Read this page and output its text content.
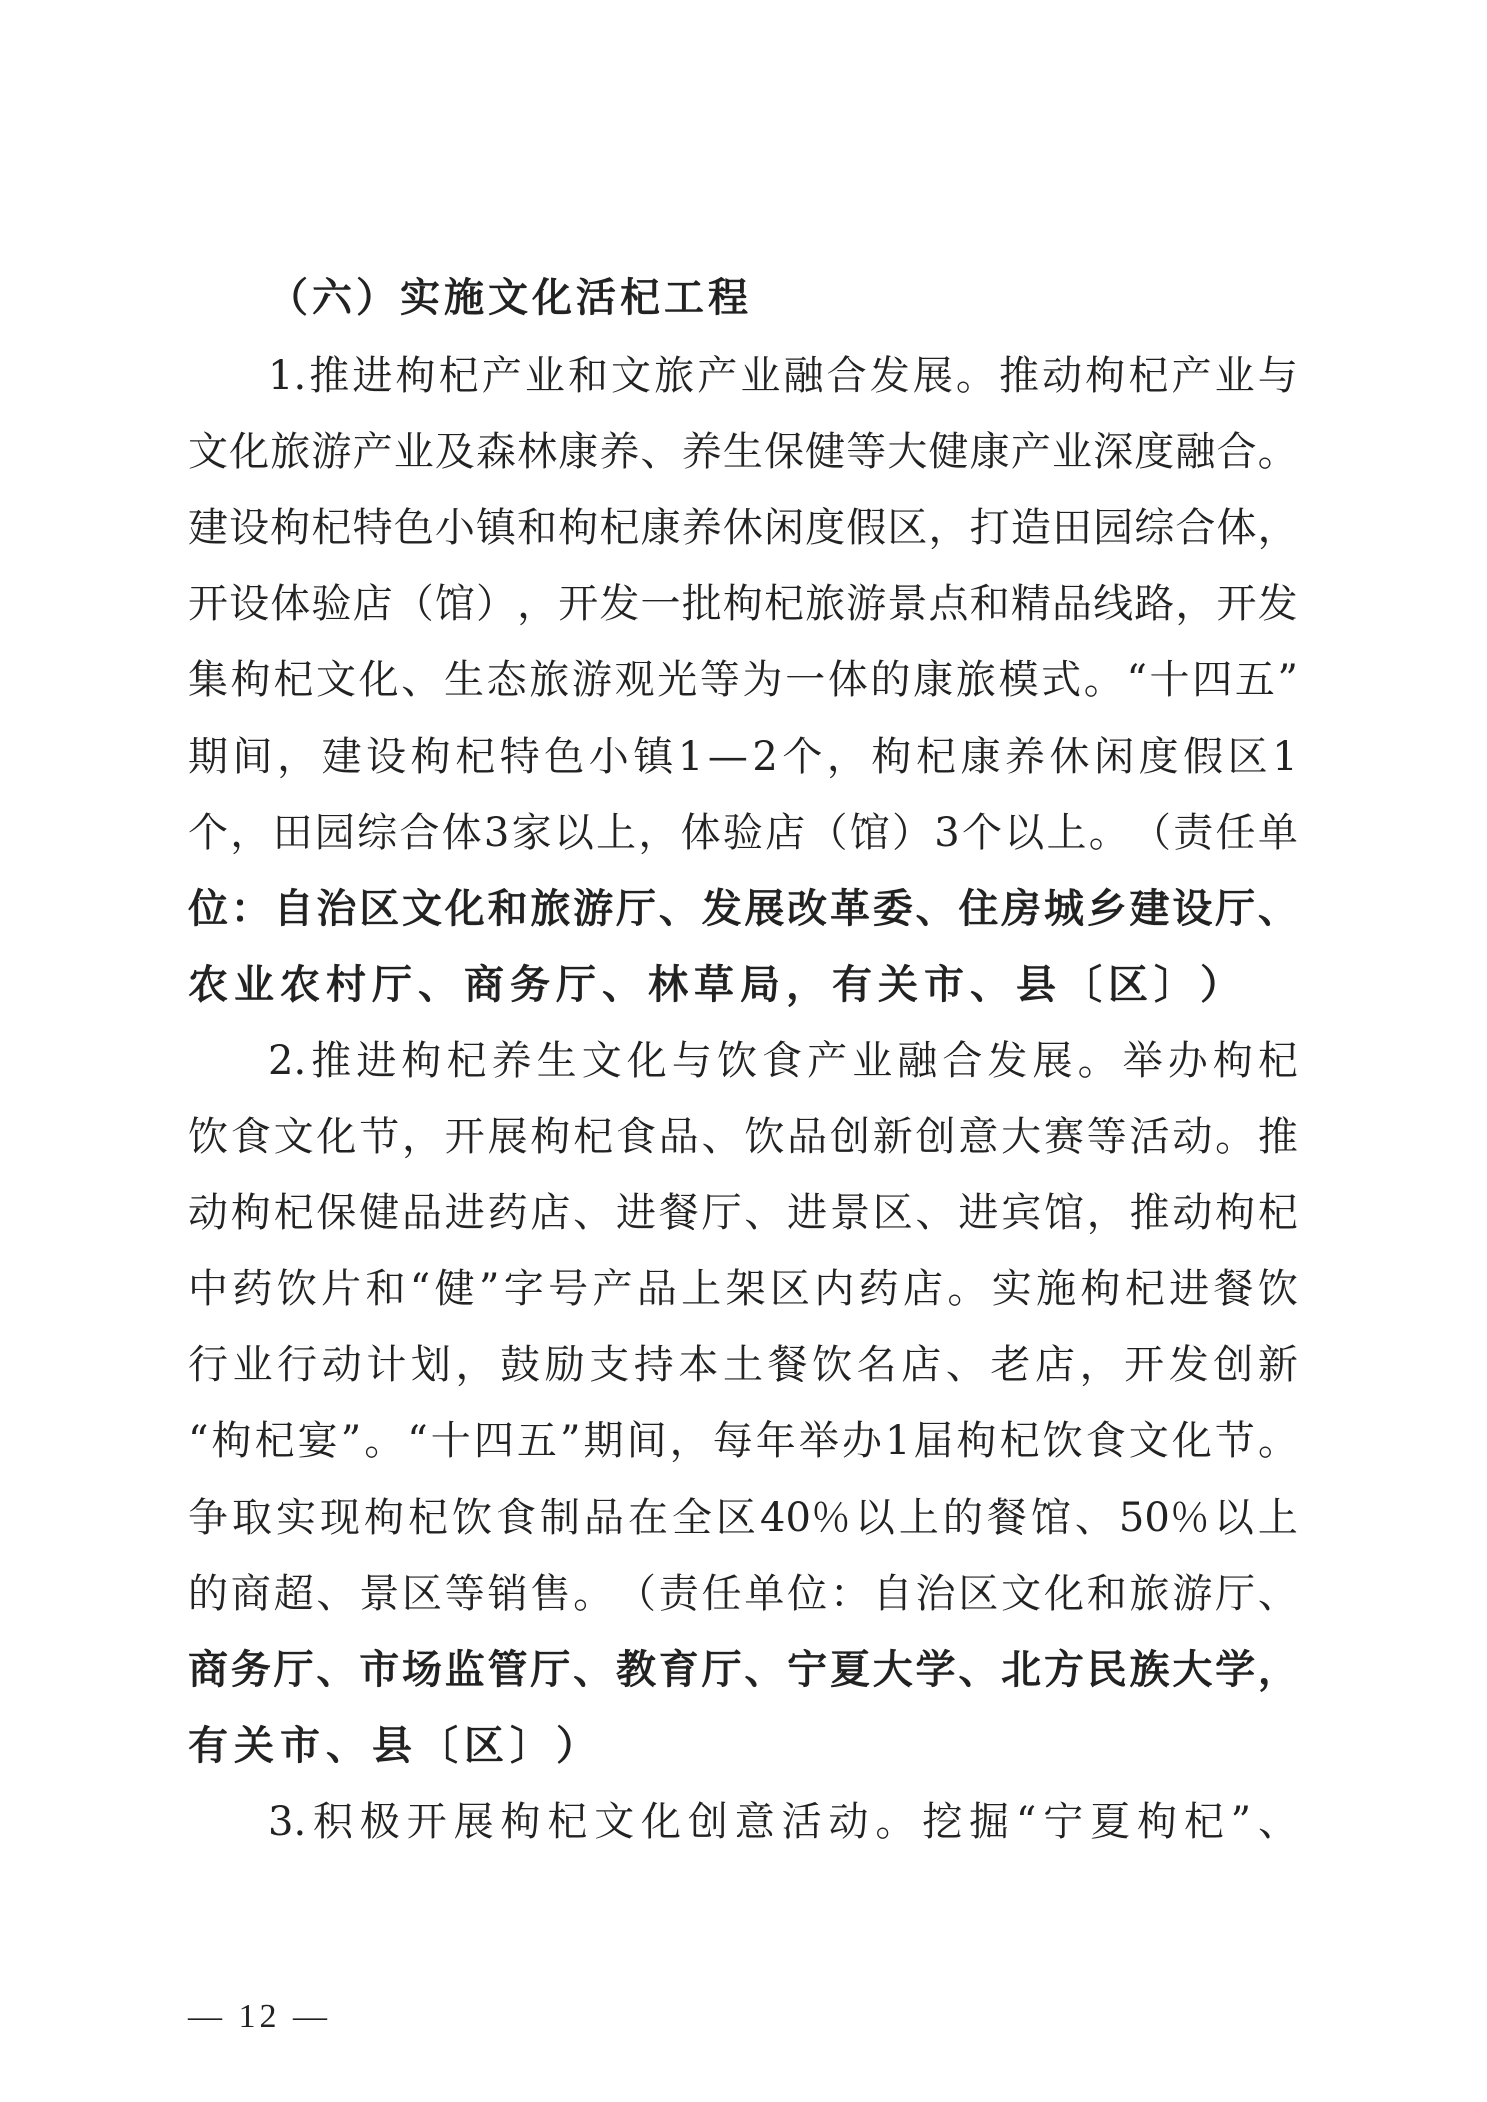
（六）实施文化活杞工程
1. 推 进 枸 杞 产 业 和 文 旅 产 业 融 合 发 展 。 推 动 枸 杞 产 业 与
文 化 旅 游 产 业 及 森 林 康 养 、 养 生 保 健 等 大 健 康 产 业 深 度 融 合 。
建 设 枸 杞 特 色 小 镇 和 枸 杞 康 养 休 闲 度 假 区 ， 打 造 田 园 综 合 体 ，
开 设 体 验 店 （ 馆 ） ， 开 发 一 批 枸 杞 旅 游 景 点 和 精 品 线 路 ， 开 发
集 枸 杞 文 化 、 生 态 旅 游 观 光 等 为 一 体 的 康 旅 模 式 。 “ 十 四 五 ”
期 间 ， 建 设 枸 杞 特 色 小 镇 1 — 2 个 ， 枸 杞 康 养 休 闲 度 假 区 1
个 ， 田 园 综 合 体 3 家 以 上 ， 体 验 店 （ 馆 ） 3 个 以 上 。 （ 责 任 单
位 ： 自 治 区 文 化 和 旅 游 厅 、 发 展 改 革 委 、 住 房 城 乡 建 设 厅 、
农 业 农 村 厅 、 商 务 厅 、 林 草 局 ， 有 关 市 、 县 〔 区 〕 ）
2. 推 进 枸 杞 养 生 文 化 与 饮 食 产 业 融 合 发 展 。 举 办 枸 杞
饮 食 文 化 节 ， 开 展 枸 杞 食 品 、 饮 品 创 新 创 意 大 赛 等 活 动 。 推
动 枸 杞 保 健 品 进 药 店 、 进 餐 厅 、 进 景 区 、 进 宾 馆 ， 推 动 枸 杞
中 药 饮 片 和 “ 健 ” 字 号 产 品 上 架 区 内 药 店 。 实 施 枸 杞 进 餐 饮
行 业 行 动 计 划 ， 鼓 励 支 持 本 土 餐 饮 名 店 、 老 店 ， 开 发 创 新
“ 枸 杞 宴 ” 。 “ 十 四 五 ” 期 间 ， 每 年 举 办 1 届 枸 杞 饮 食 文 化 节 。
争 取 实 现 枸 杞 饮 食 制 品 在 全 区 40％ 以 上 的 餐 馆 、 50％ 以 上
的 商 超 、 景 区 等 销 售 。 （ 责 任 单 位 ： 自 治 区 文 化 和 旅 游 厅 、
商 务 厅 、 市 场 监 管 厅 、 教 育 厅 、 宁 夏 大 学 、 北 方 民 族 大 学 ，
有 关 市 、 县 〔 区 〕 ）
3. 积 极 开 展 枸 杞 文 化 创 意 活 动 。 挖 掘 “ 宁 夏 枸 杞 ” 、
— 12 —
